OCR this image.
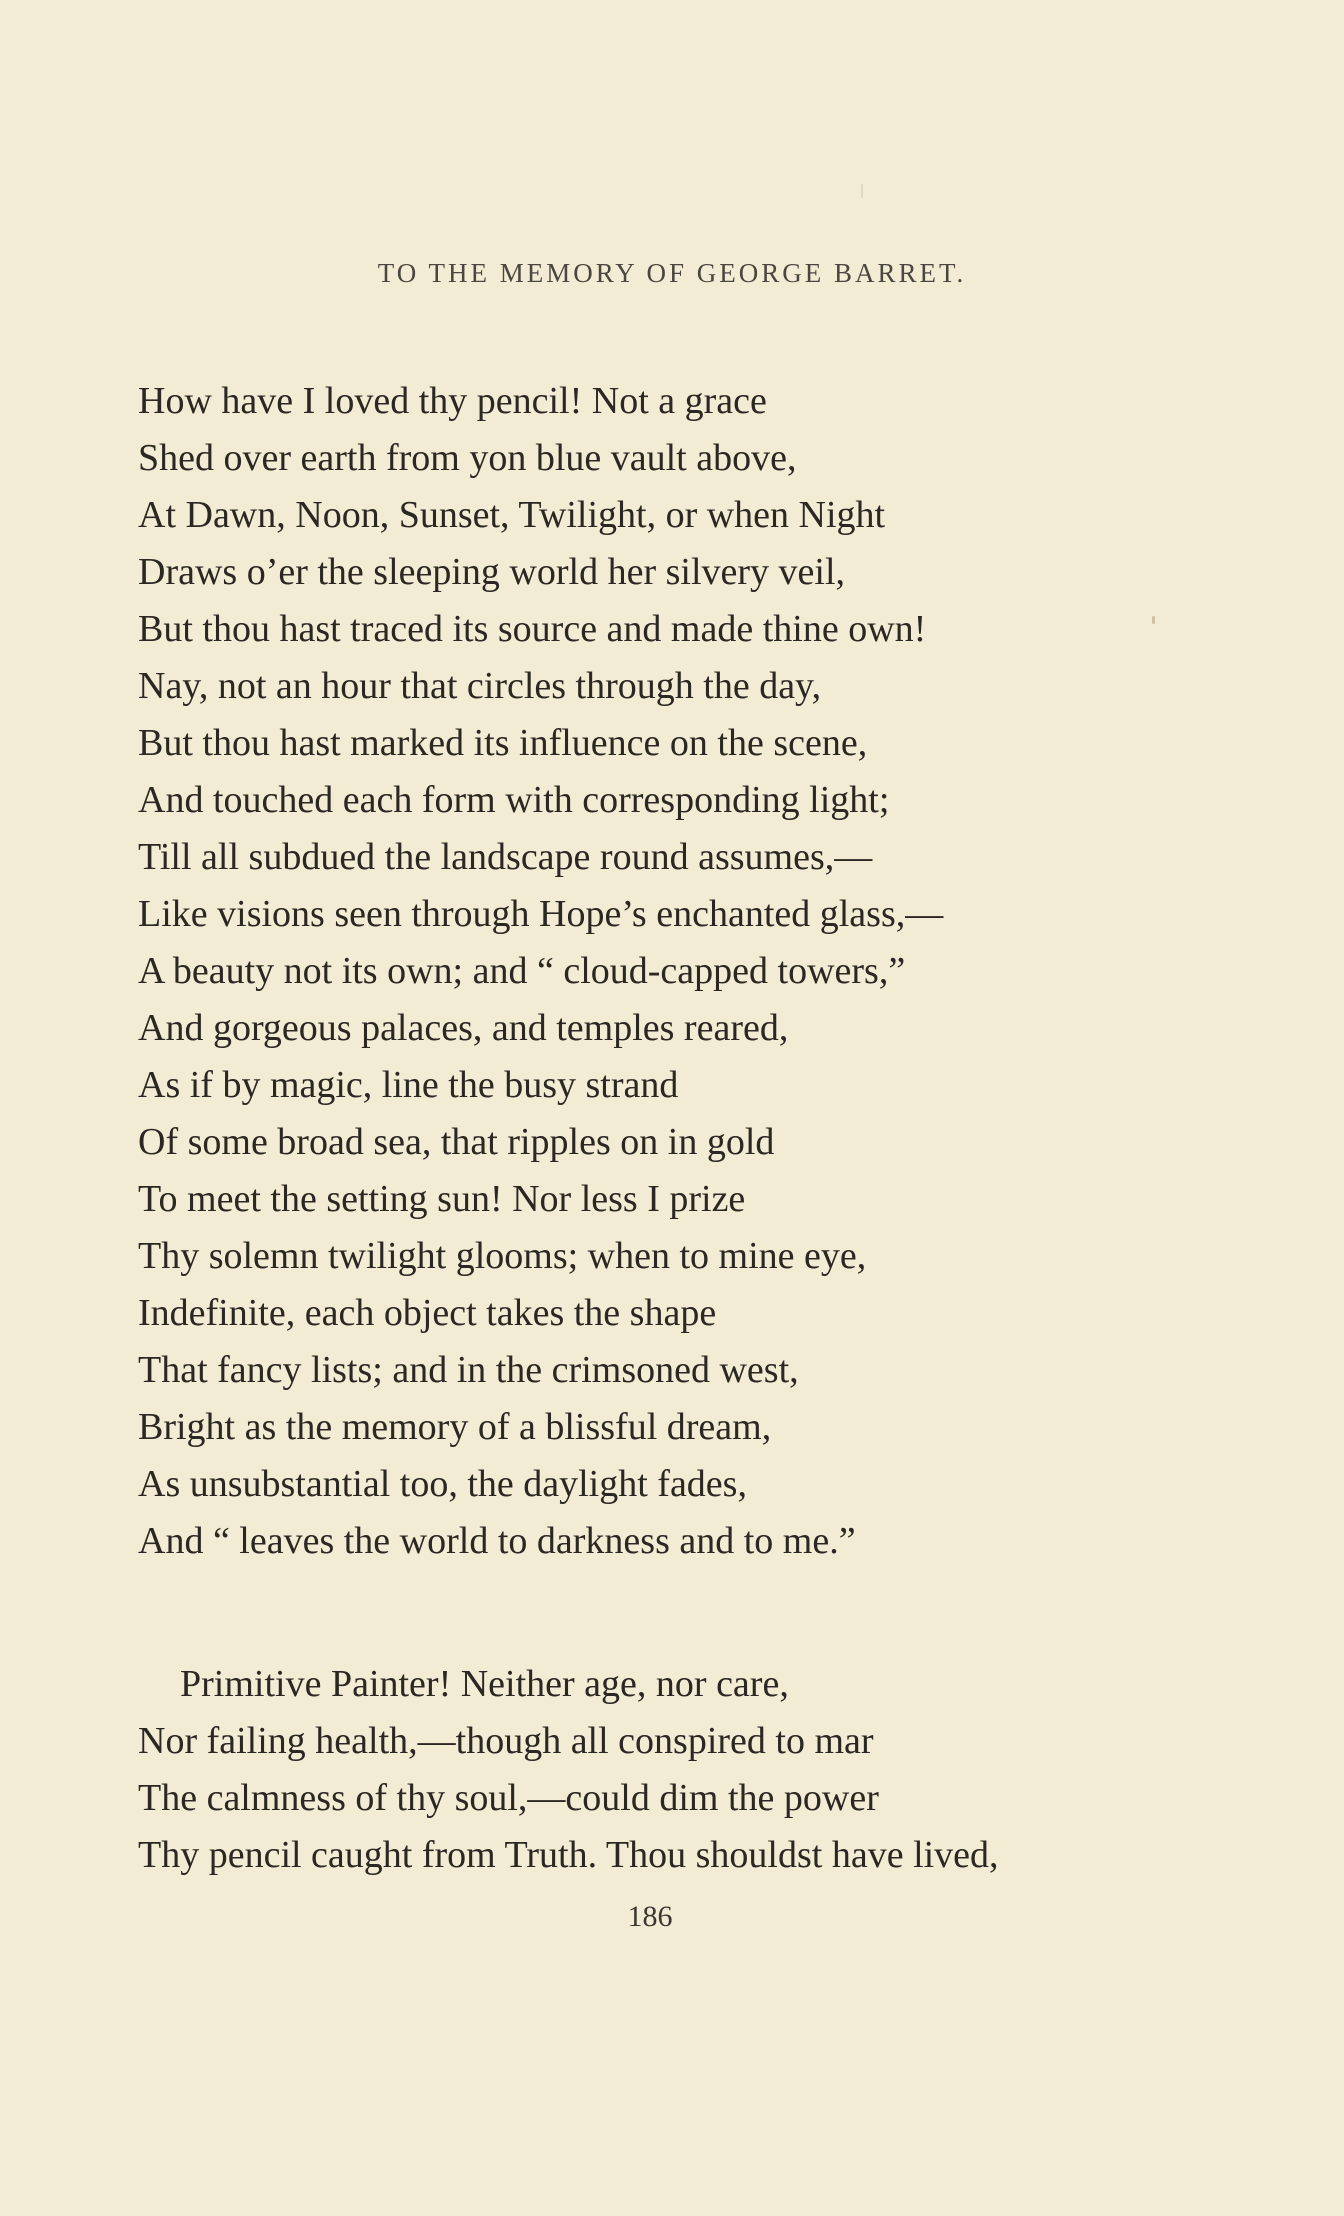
TO THE MEMORY OF GEORGE BARRET.
How have I loved thy pencil! Not a grace
Shed over earth from yon blue vault above,
At Dawn, Noon, Sunset, Twilight, or when Night
Draws o’er the sleeping world her silvery veil,
But thou hast traced its source and made thine own!
Nay, not an hour that circles through the day,
But thou hast marked its influence on the scene,
And touched each form with corresponding light;
Till all subdued the landscape round assumes,—
Like visions seen through Hope’s enchanted glass,—
A beauty not its own; and “ cloud-capped towers,”
And gorgeous palaces, and temples reared,
As if by magic, line the busy strand
Of some broad sea, that ripples on in gold
To meet the setting sun! Nor less I prize
Thy solemn twilight glooms; when to mine eye,
Indefinite, each object takes the shape
That fancy lists; and in the crimsoned west,
Bright as the memory of a blissful dream,
As unsubstantial too, the daylight fades,
And “ leaves the world to darkness and to me.”
Primitive Painter! Neither age, nor care,
Nor failing health,—though all conspired to mar
The calmness of thy soul,—could dim the power
Thy pencil caught from Truth. Thou shouldst have lived,
186
